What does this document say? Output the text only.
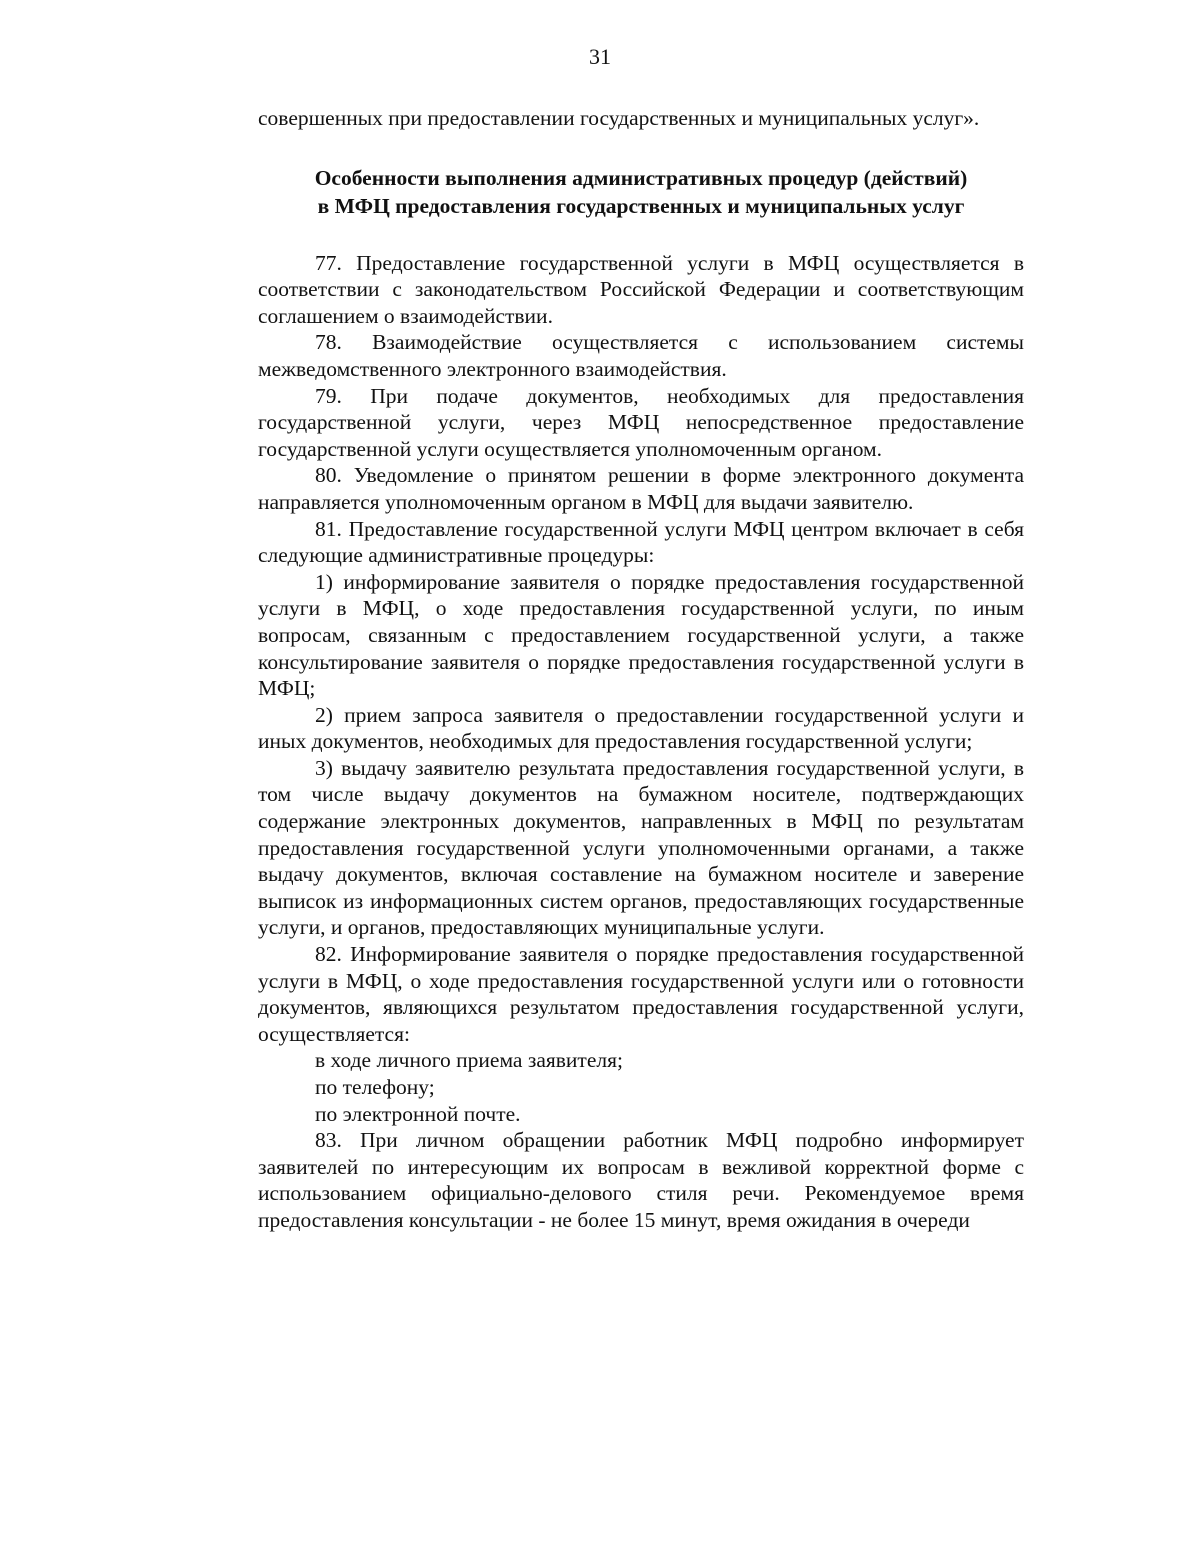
31

совершенных при предоставлении государственных и муниципальных услуг».

Особенности выполнения административных процедур (действий)
в МФЦ предоставления государственных и муниципальных услуг

77. Предоставление государственной услуги в МФЦ осуществляется в соответствии с законодательством Российской Федерации и соответствующим соглашением о взаимодействии.

78. Взаимодействие осуществляется с использованием системы межведомственного электронного взаимодействия.

79. При подаче документов, необходимых для предоставления государственной услуги, через МФЦ непосредственное предоставление государственной услуги осуществляется уполномоченным органом.

80. Уведомление о принятом решении в форме электронного документа направляется уполномоченным органом в МФЦ для выдачи заявителю.

81. Предоставление государственной услуги МФЦ центром включает в себя следующие административные процедуры:

1) информирование заявителя о порядке предоставления государственной услуги в МФЦ, о ходе предоставления государственной услуги, по иным вопросам, связанным с предоставлением государственной услуги, а также консультирование заявителя о порядке предоставления государственной услуги в МФЦ;

2) прием запроса заявителя о предоставлении государственной услуги и иных документов, необходимых для предоставления государственной услуги;

3) выдачу заявителю результата предоставления государственной услуги, в том числе выдачу документов на бумажном носителе, подтверждающих содержание электронных документов, направленных в МФЦ по результатам предоставления государственной услуги уполномоченными органами, а также выдачу документов, включая составление на бумажном носителе и заверение выписок из информационных систем органов, предоставляющих государственные услуги, и органов, предоставляющих муниципальные услуги.

82. Информирование заявителя о порядке предоставления государственной услуги в МФЦ, о ходе предоставления государственной услуги или о готовности документов, являющихся результатом предоставления государственной услуги, осуществляется:

в ходе личного приема заявителя;

по телефону;

по электронной почте.

83. При личном обращении работник МФЦ подробно информирует заявителей по интересующим их вопросам в вежливой корректной форме с использованием официально-делового стиля речи. Рекомендуемое время предоставления консультации - не более 15 минут, время ожидания в очереди
